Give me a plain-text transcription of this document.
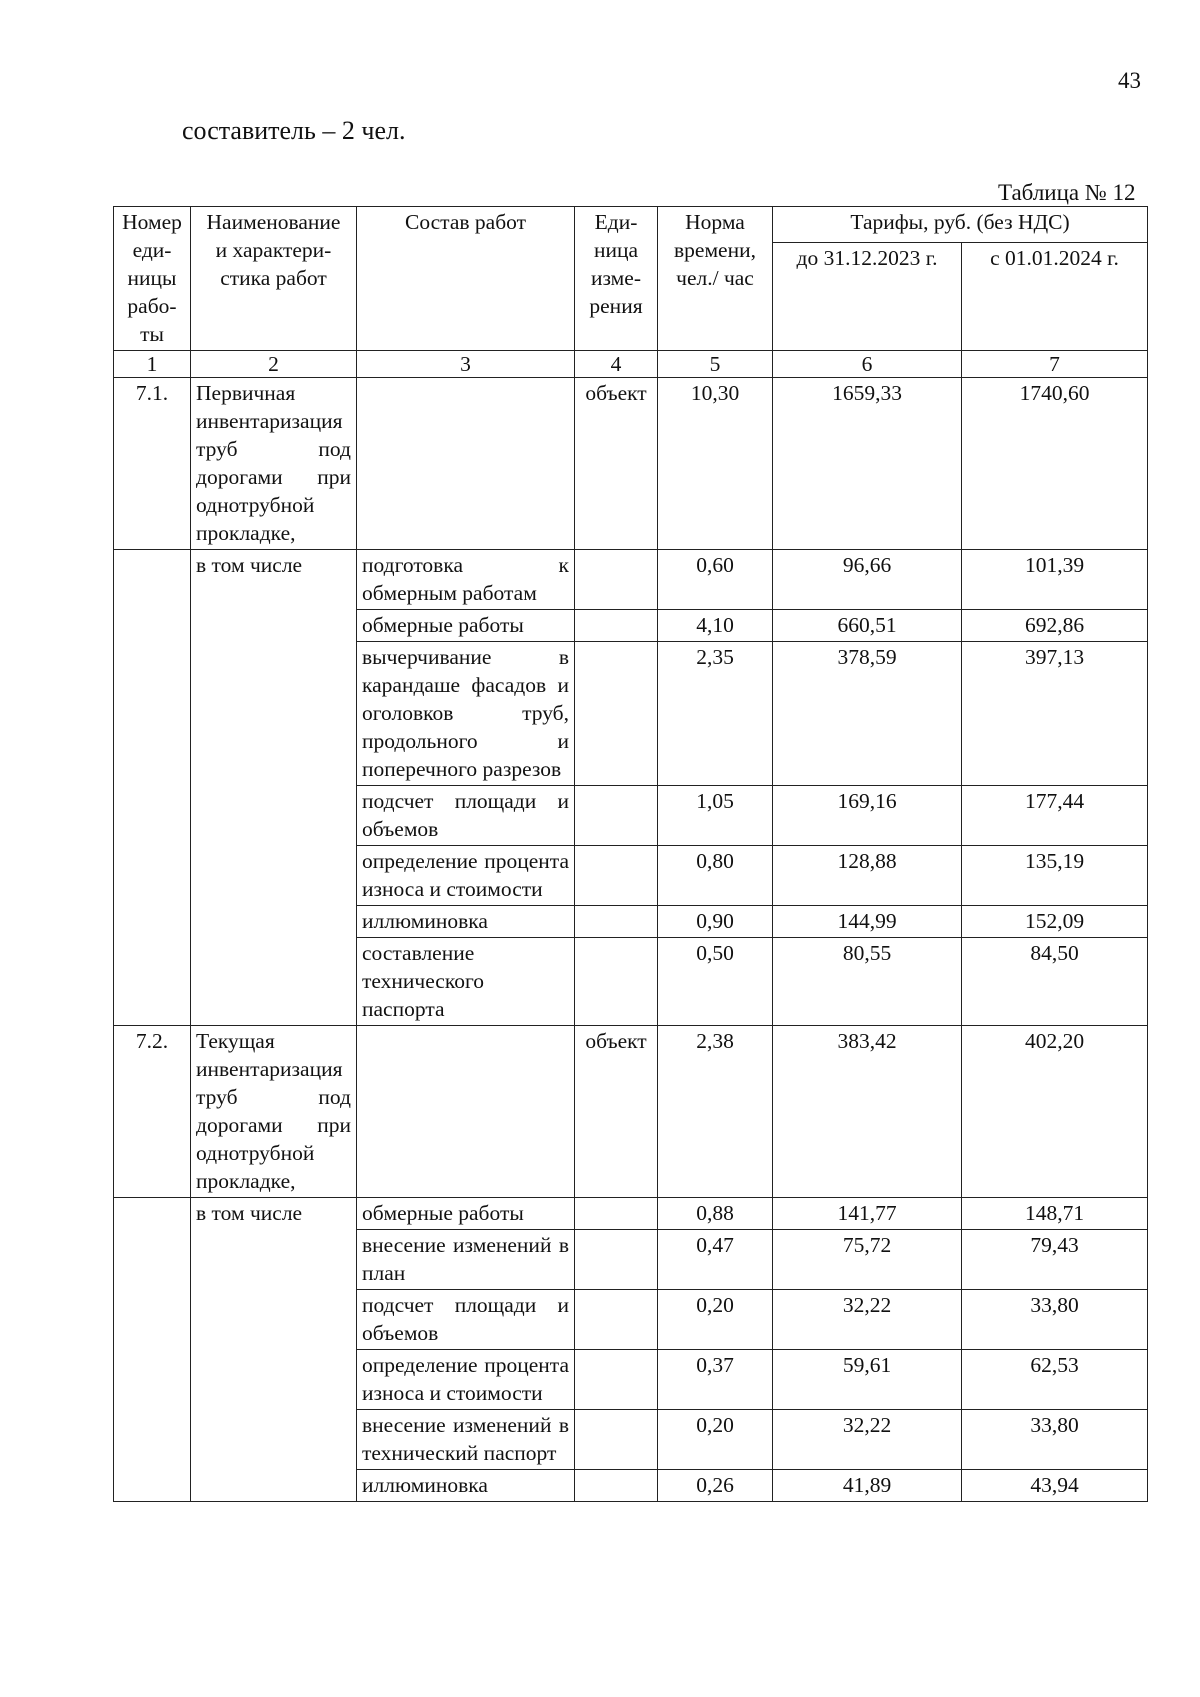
43
составитель – 2 чел.
Таблица № 12
Номер
еди-
ницы
рабо-
ты	Наименование
и характери-
стика работ	Состав работ	Еди-
ница
изме-
рения	Норма
времени,
чел./ час	Тарифы, руб. (без НДС)	
					до 31.12.2023 г.	с 01.01.2024 г.
1	2	3	4	5	6	7
7.1.	Первичная инвентаризация труб под дорогами при однотрубной прокладке,		объект	10,30	1659,33	1740,60
	в том числе	подготовка к обмерным работам		0,60	96,66	101,39
		обмерные работы		4,10	660,51	692,86
		вычерчивание в карандаше фасадов и оголовков труб, продольного и поперечного разрезов		2,35	378,59	397,13
		подсчет площади и объемов		1,05	169,16	177,44
		определение процента износа и стоимости		0,80	128,88	135,19
		иллюминовка		0,90	144,99	152,09
		составление технического паспорта		0,50	80,55	84,50
7.2.	Текущая инвентаризация труб под дорогами при однотрубной прокладке,		объект	2,38	383,42	402,20
	в том числе	обмерные работы		0,88	141,77	148,71
		внесение изменений в план		0,47	75,72	79,43
		подсчет площади и объемов		0,20	32,22	33,80
		определение процента износа и стоимости		0,37	59,61	62,53
		внесение изменений в технический паспорт		0,20	32,22	33,80
		иллюминовка		0,26	41,89	43,94
